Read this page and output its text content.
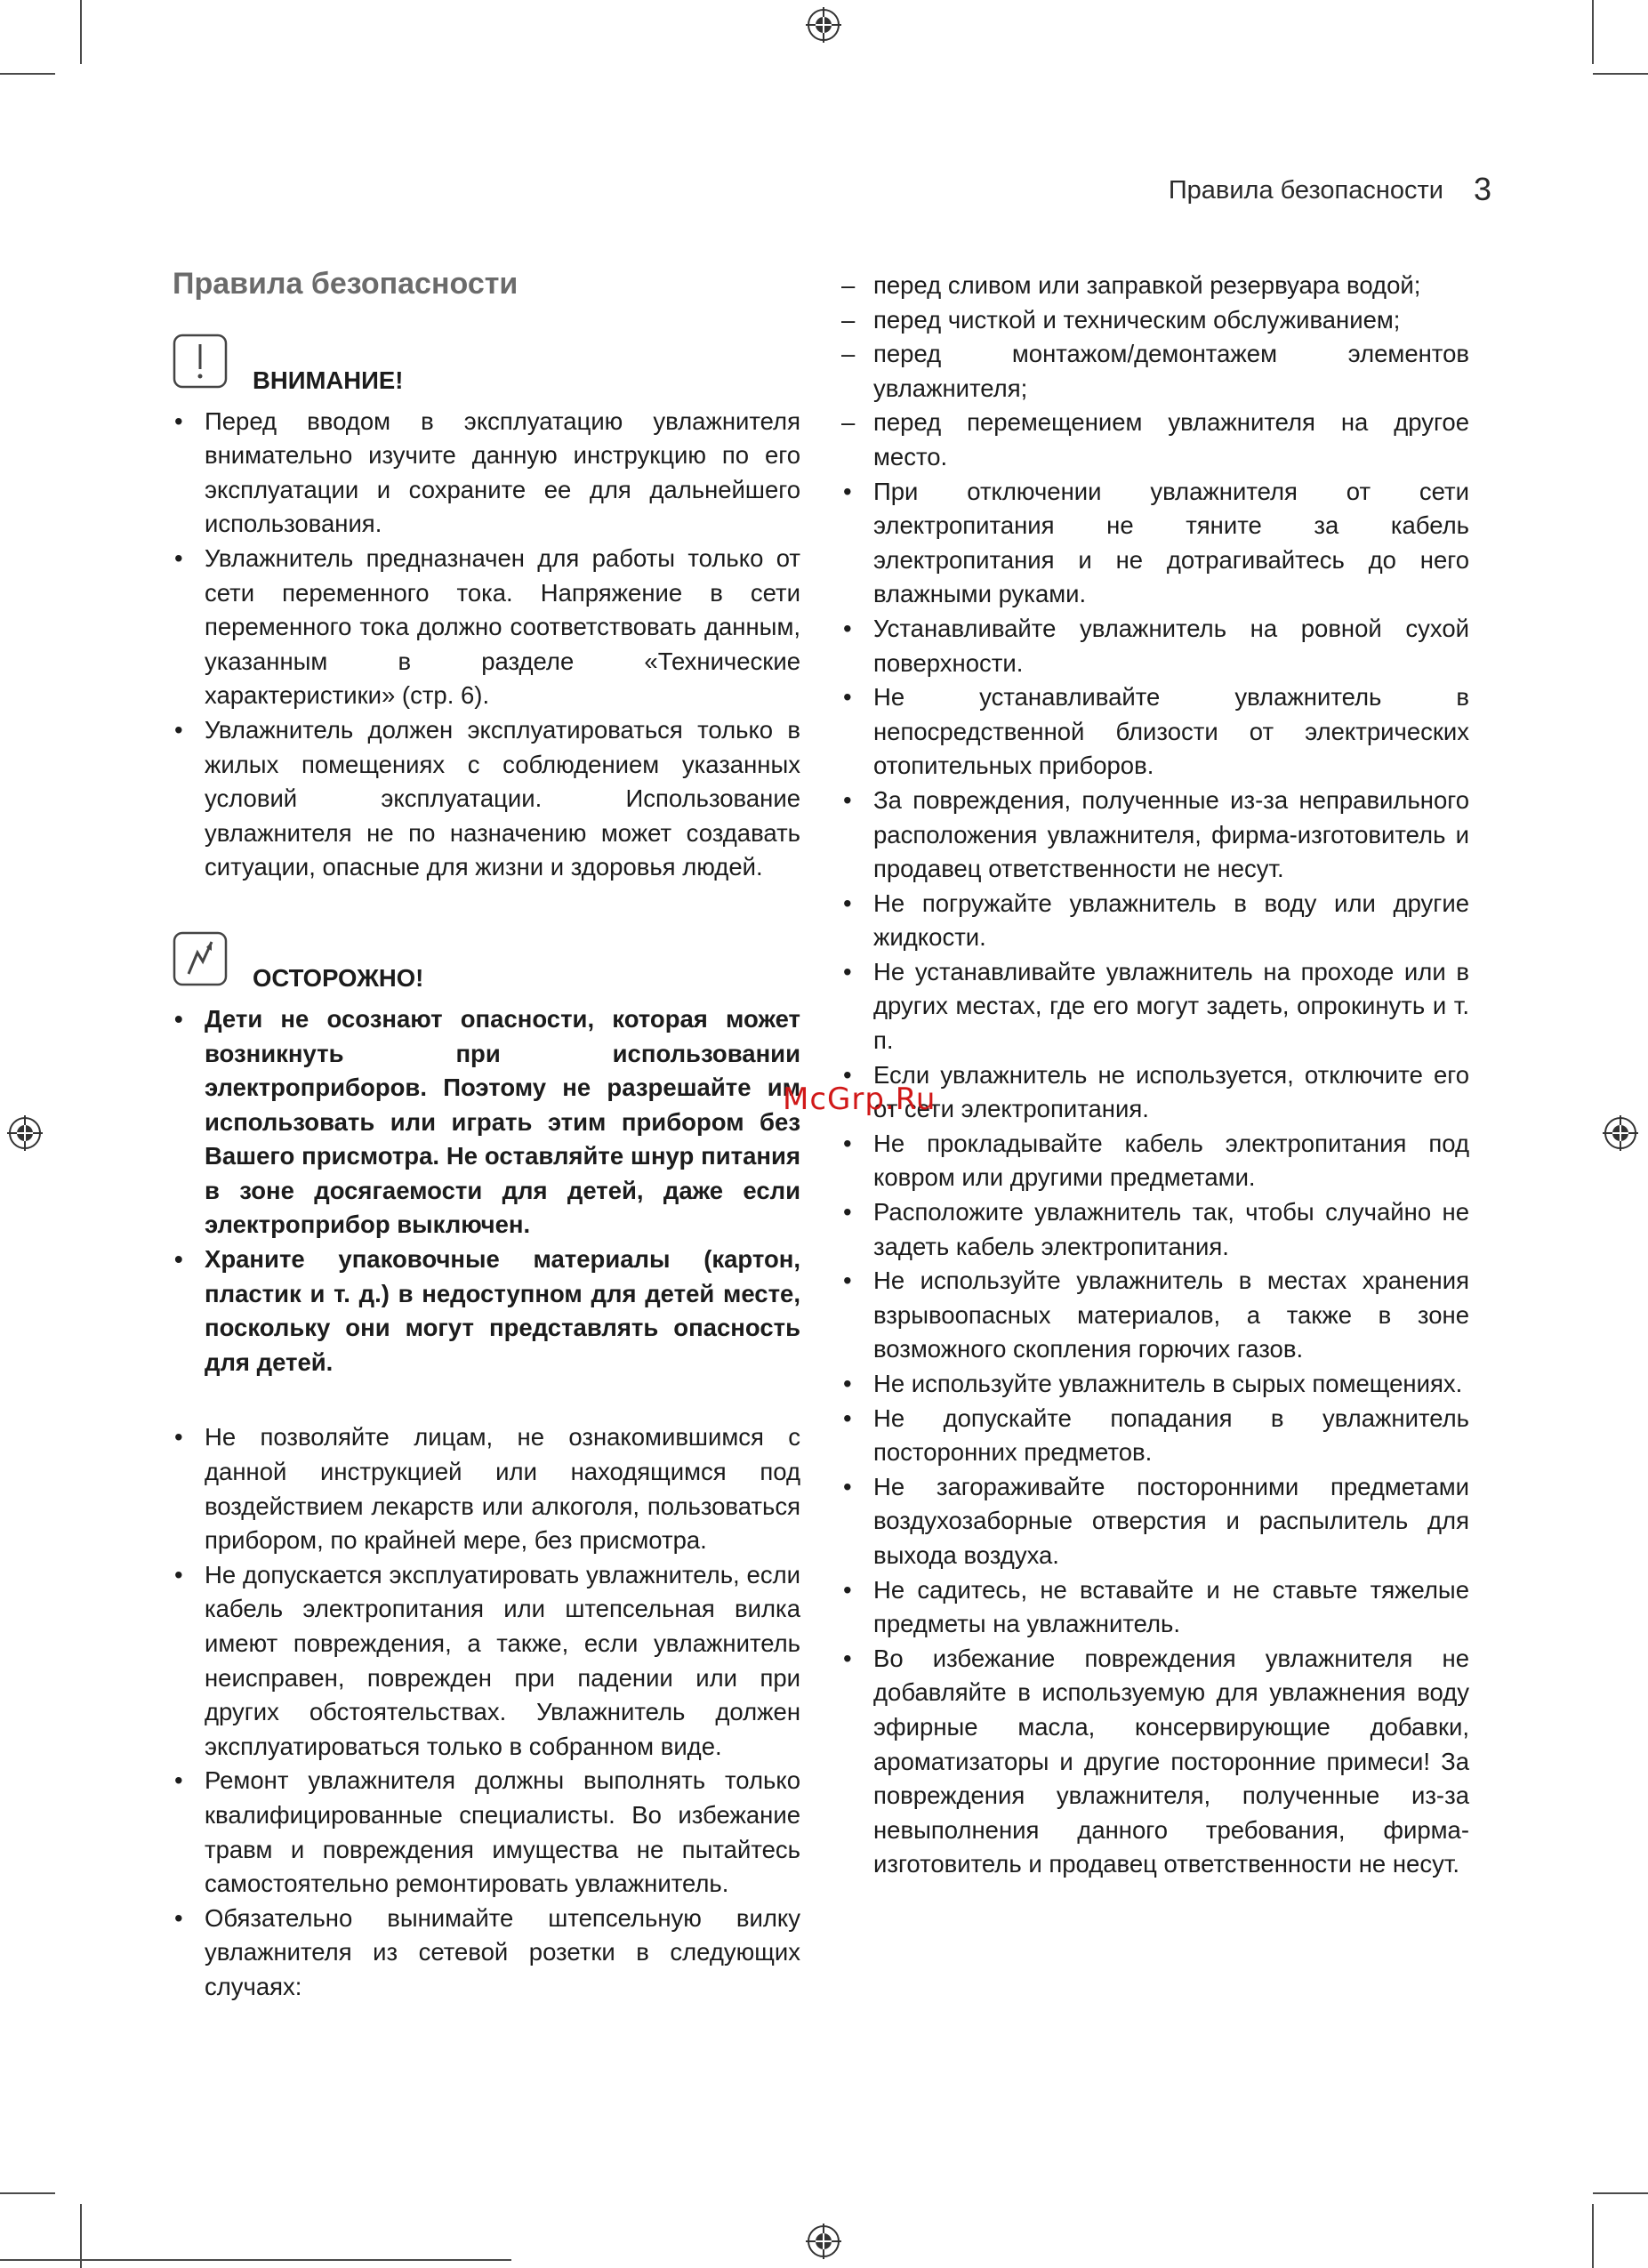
Правила безопасности 3
Правила безопасности
ВНИМАНИЕ!
• Перед вводом в эксплуатацию увлажнителя внимательно изучите данную инструкцию по его эксплуатации и сохраните ее для дальнейшего использования.
• Увлажнитель предназначен для работы только от сети переменного тока. Напряжение в сети переменного тока должно соответствовать данным, указанным в разделе «Технические характеристики» (стр. 6).
• Увлажнитель должен эксплуатироваться только в жилых помещениях с соблюдением указанных условий эксплуатации. Использование увлажнителя не по назначению может создавать ситуации, опасные для жизни и здоровья людей.
ОСТОРОЖНО!
• Дети не осознают опасности, которая может возникнуть при использовании электроприборов. Поэтому не разрешайте им использовать или играть этим прибором без Вашего присмотра. Не оставляйте шнур питания в зоне досягаемости для детей, даже если электроприбор выключен.
• Храните упаковочные материалы (картон, пластик и т. д.) в недоступном для детей месте, поскольку они могут представлять опасность для детей.
• Не позволяйте лицам, не ознакомившимся с данной инструкцией или находящимся под воздействием лекарств или алкоголя, пользоваться прибором, по крайней мере, без присмотра.
• Не допускается эксплуатировать увлажнитель, если кабель электропитания или штепсельная вилка имеют повреждения, а также, если увлажнитель неисправен, поврежден при падении или при других обстоятельствах. Увлажнитель должен эксплуатироваться только в собранном виде.
• Ремонт увлажнителя должны выполнять только квалифицированные специалисты. Во избежание травм и повреждения имущества не пытайтесь самостоятельно ремонтировать увлажнитель.
• Обязательно вынимайте штепсельную вилку увлажнителя из сетевой розетки в следующих случаях:
– перед сливом или заправкой резервуара водой;
– перед чисткой и техническим обслуживанием;
– перед монтажом/демонтажем элементов увлажнителя;
– перед перемещением увлажнителя на другое место.
• При отключении увлажнителя от сети электропитания не тяните за кабель электропитания и не дотрагивайтесь до него влажными руками.
• Устанавливайте увлажнитель на ровной сухой поверхности.
• Не устанавливайте увлажнитель в непосредственной близости от электрических отопительных приборов.
• За повреждения, полученные из-за неправильного расположения увлажнителя, фирма-изготовитель и продавец ответственности не несут.
• Не погружайте увлажнитель в воду или другие жидкости.
• Не устанавливайте увлажнитель на проходе или в других местах, где его могут задеть, опрокинуть и т. п.
• Если увлажнитель не используется, отключите его от сети электропитания.
• Не прокладывайте кабель электропитания под ковром или другими предметами.
• Расположите увлажнитель так, чтобы случайно не задеть кабель электропитания.
• Не используйте увлажнитель в местах хранения взрывоопасных материалов, а также в зоне возможного скопления горючих газов.
• Не используйте увлажнитель в сырых помещениях.
• Не допускайте попадания в увлажнитель посторонних предметов.
• Не загораживайте посторонними предметами воздухозаборные отверстия и распылитель для выхода воздуха.
• Не садитесь, не вставайте и не ставьте тяжелые предметы на увлажнитель.
• Во избежание повреждения увлажнителя не добавляйте в используемую для увлажнения воду эфирные масла, консервирующие добавки, ароматизаторы и другие посторонние примеси! За повреждения увлажнителя, полученные из-за невыполнения данного требования, фирма-изготовитель и продавец ответственности не несут.
McGrp.Ru
